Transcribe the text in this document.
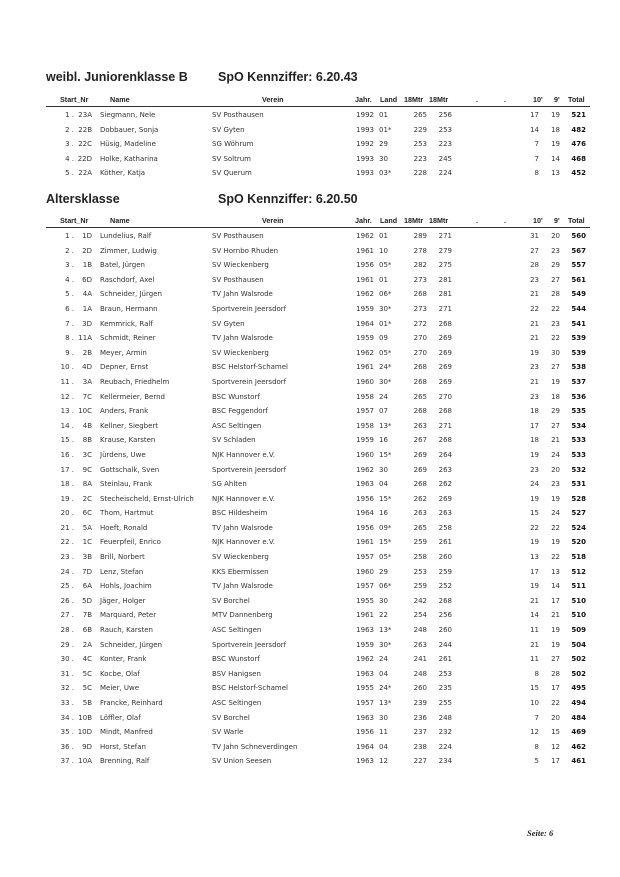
weibl. Juniorenklasse B SpO Kennziffer: 6.20.43
Start_Nr	Name	Verein	Jahr. Land 18Mtr 18Mtr	.	.	10' 9' Total
1 . 23A Siegmann, Nele	SV Posthausen	1992 01	265	256	17	19	521
2 . 22B Dobbauer, Sonja	SV Gyten	1993 01*	229	253	14	18	482
3 . 22C Hüsig, Madeline	SG Wöhrum	1992 29	253	223	7	19	476
4 . 22D Holke, Katharina	SV Soltrum	1993 30	223	245	7	14	468
5 . 22A Köther, Katja	SV Querum	1993 03*	228	224	8	13	452
Altersklasse	SpO Kennziffer: 6.20.50
Start_Nr	Name	Verein	Jahr. Land 18Mtr 18Mtr	.	.	10' 9' Total
1 .	1D Lundelius, Ralf	SV Posthausen	1962 01	289	271	31	20	560
2 .	2D Zimmer, Ludwig	SV Hornbo Rhuden	1961 10	278	279	27	23	567
3 .	1B Batel, Jürgen	SV Wieckenberg	1956 05*	282	275	28	29	557
4 .	6D Raschdorf, Axel	SV Posthausen	1961 01	273	281	23	27	561
5 .	4A Schneider, Jürgen	TV Jahn Walsrode	1962 06*	268	281	21	28	549
6 .	1A Braun, Hermann	Sportverein Jeersdorf	1959 30*	273	271	22	22	544
7 .	3D Kemmrick, Ralf	SV Gyten	1964 01*	272	268	21	23	541
8 . 11A Schmidt, Reiner	TV Jahn Walsrode	1959 09	270	269	21	22	539
9 .	2B Meyer, Armin	SV Wieckenberg	1962 05*	270	269	19	30	539
10 .	4D Depner, Ernst	BSC Helstorf-Schamel	1961 24*	268	269	23	27	538
11 .	3A Reubach, Friedhelm	Sportverein Jeersdorf	1960 30*	268	269	21	19	537
12 .	7C Kellermeier, Bernd	BSC Wunstorf	1958 24	265	270	23	18	536
13 . 10C Anders, Frank	BSC Feggendorf	1957 07	268	268	18	29	535
14 .	4B Kellner, Siegbert	ASC Seltingen	1958 13*	263	271	17	27	534
15 .	8B Krause, Karsten	SV Schladen	1959 16	267	268	18	21	533
16 .	3C Jürdens, Uwe	NJK Hannover e.V.	1960 15*	269	264	19	24	533
17 .	9C Gottschalk, Sven	Sportverein Jeersdorf	1962 30	269	263	23	20	532
18 .	8A Steinlau, Frank	SG Ahlten	1963 04	268	262	24	23	531
19 .	2C Stecheischeld, Ernst-Ulrich	NJK Hannover e.V.	1956 15*	262	269	19	19	528
20 .	6C Thom, Hartmut	BSC Hildesheim	1964 16	263	263	15	24	527
21 .	5A Hoeft, Ronald	TV Jahn Walsrode	1956 09*	265	258	22	22	524
22 .	1C Feuerpfeil, Enrico	NJK Hannover e.V.	1961 15*	259	261	19	19	520
23 .	3B Brill, Norbert	SV Wieckenberg	1957 05*	258	260	13	22	518
24 .	7D Lenz, Stefan	KKS Ebermissen	1960 29	253	259	17	13	512
25 .	6A Hohls, Joachim	TV Jahn Walsrode	1957 06*	259	252	19	14	511
26 .	5D Jäger, Holger	SV Borchel	1955 30	242	268	21	17	510
27 .	7B Marquard, Peter	MTV Dannenberg	1961 22	254	256	14	21	510
28 .	6B Rauch, Karsten	ASC Seltingen	1963 13*	248	260	11	19	509
29 .	2A Schneider, Jürgen	Sportverein Jeersdorf	1959 30*	263	244	21	19	504
30 .	4C Konter, Frank	BSC Wunstorf	1962 24	241	261	11	27	502
31 .	5C Kocbe, Olaf	BSV Hanigsen	1963 04	248	253	8	28	502
32 .	5C Meier, Uwe	BSC Helstorf-Schamel	1955 24*	260	235	15	17	495
33 .	5B Francke, Reinhard	ASC Seltingen	1957 13*	239	255	10	22	494
34 . 10B Löffler, Olaf	SV Borchel	1963 30	236	248	7	20	484
35 . 10D Mindt, Manfred	SV Warle	1956 11	237	232	12	15	469
36 .	9D Horst, Stefan	TV Jahn Schneverdingen	1964 04	238	224	8	12	462
37 . 10A Brenning, Ralf	SV Union Seesen	1963 12	227	234	5	17	461
Seite: 6
